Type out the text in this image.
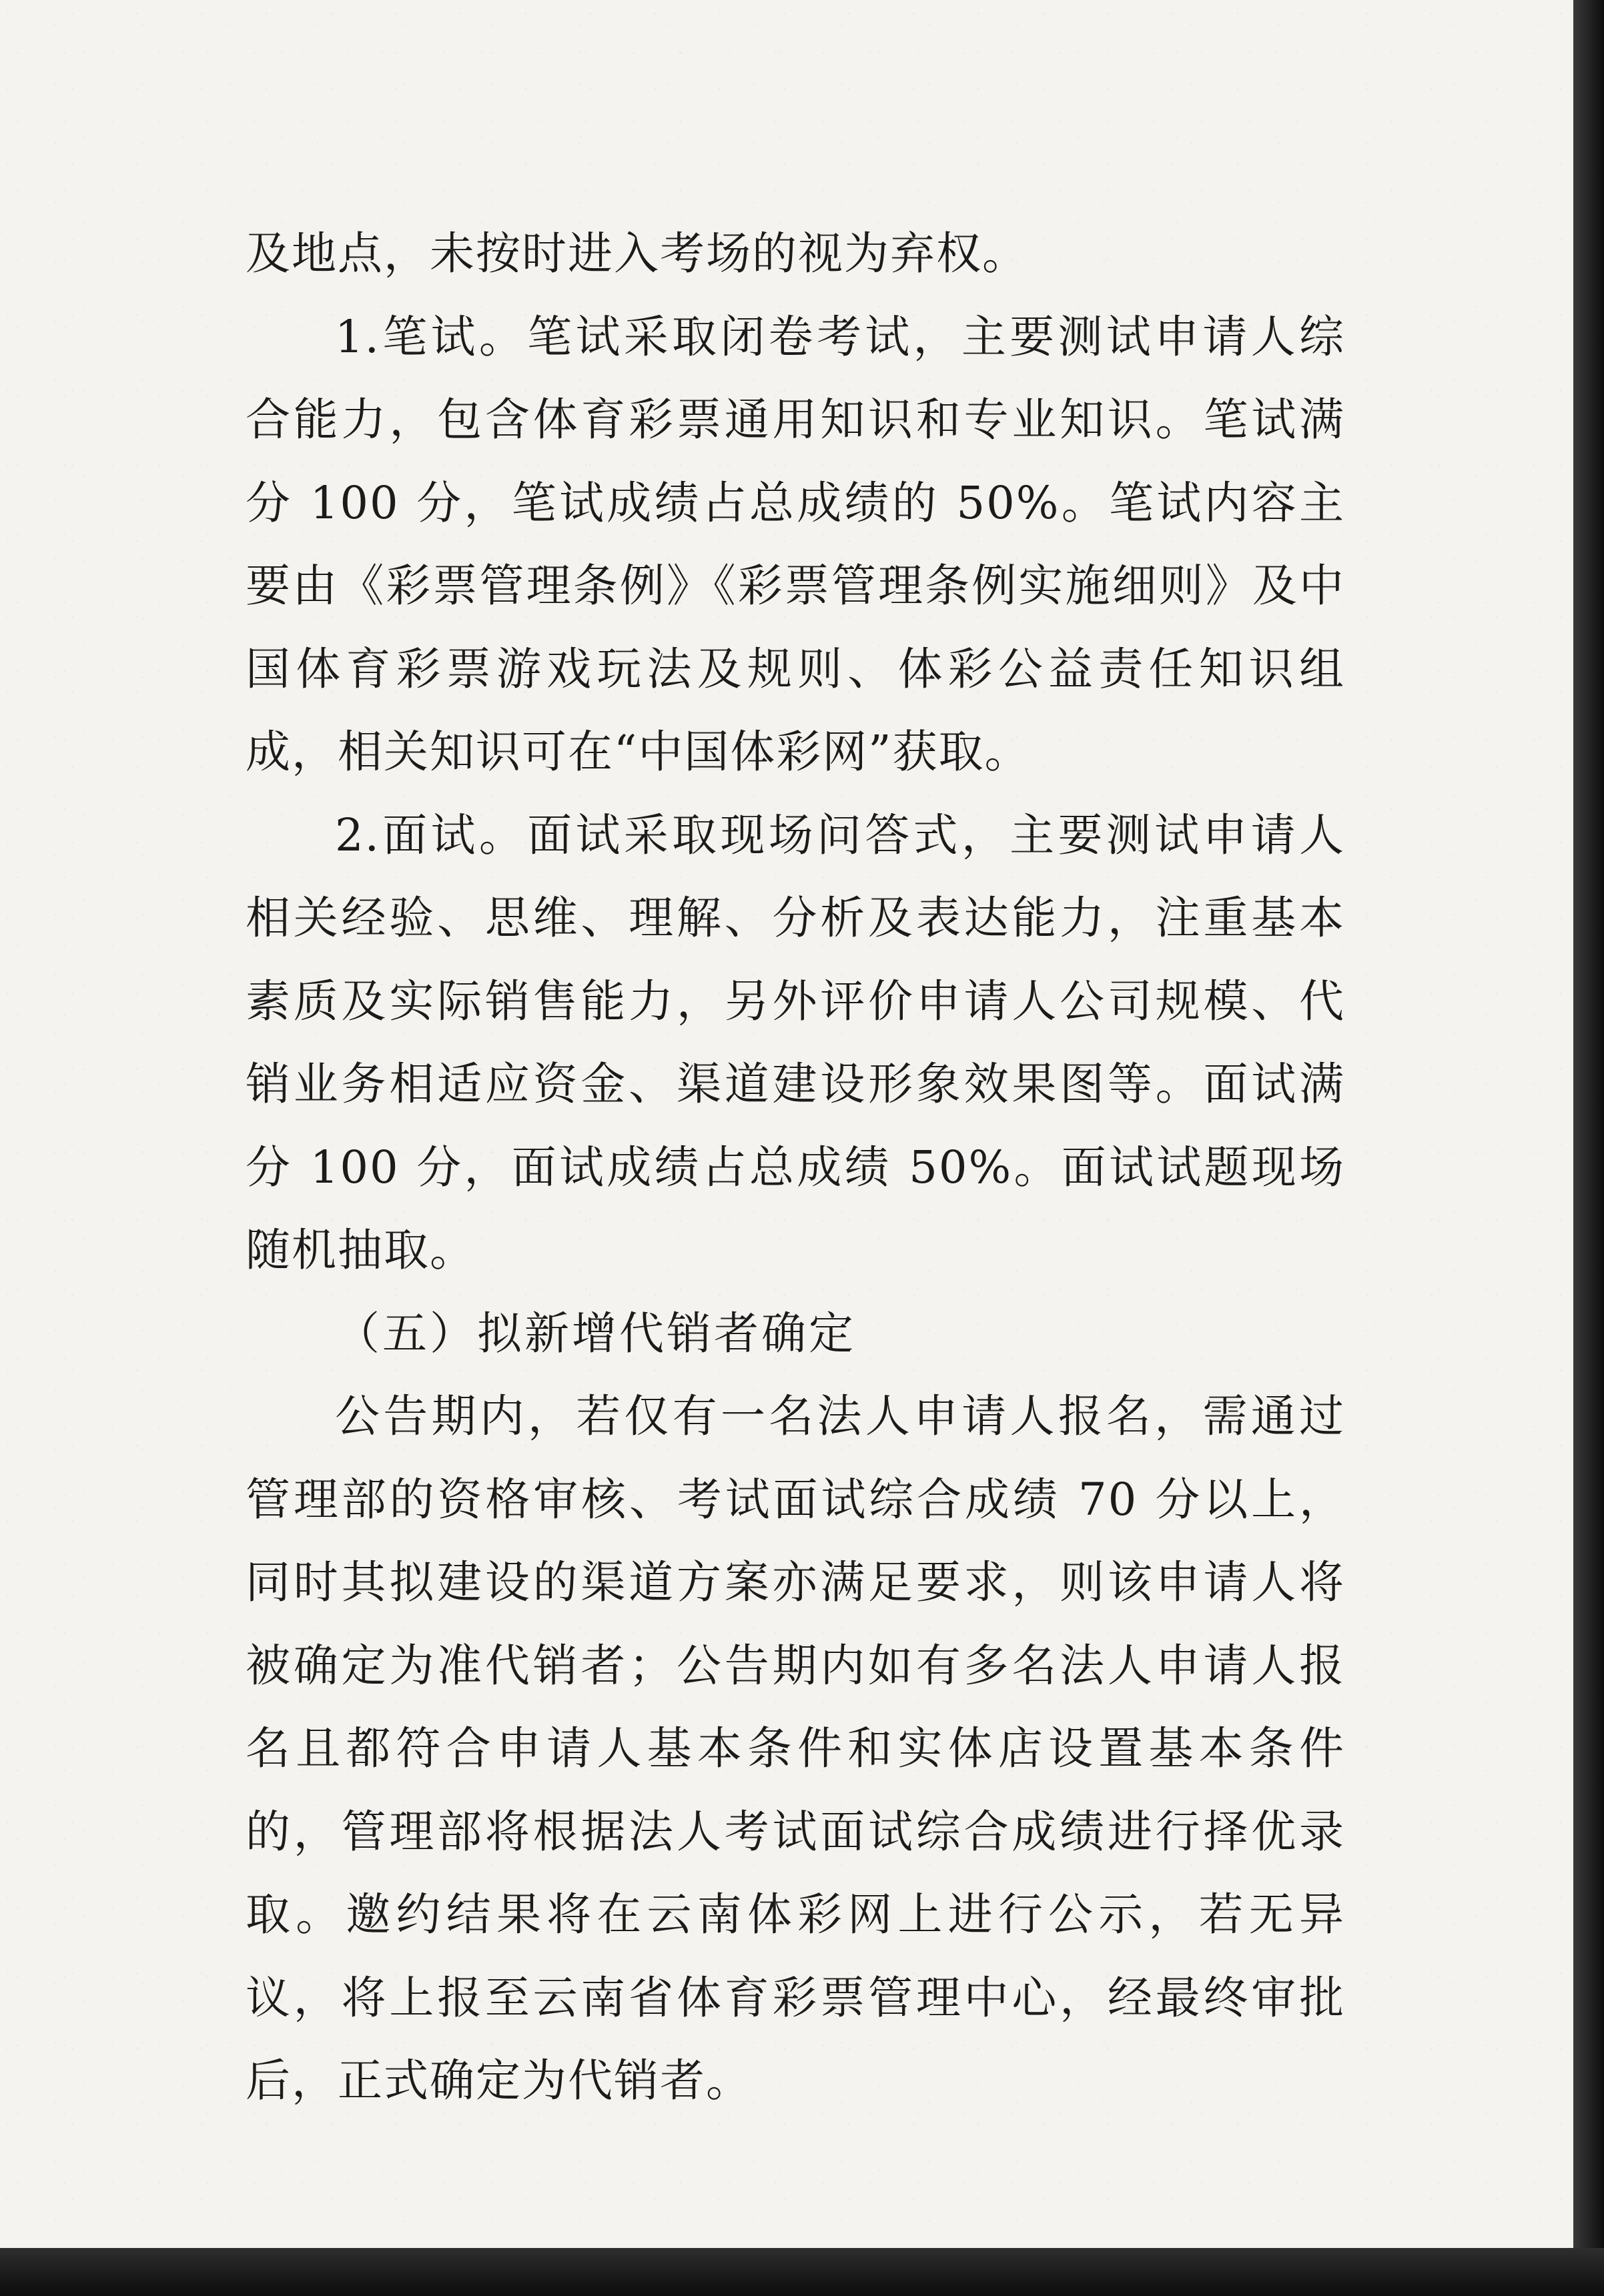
及地点，未按时进入考场的视为弃权。

1.笔试。笔试采取闭卷考试，主要测试申请人综合能力，包含体育彩票通用知识和专业知识。笔试满分 100 分，笔试成绩占总成绩的 50%。笔试内容主要由《彩票管理条例》《彩票管理条例实施细则》及中国体育彩票游戏玩法及规则、体彩公益责任知识组成，相关知识可在“中国体彩网”获取。

2.面试。面试采取现场问答式，主要测试申请人相关经验、思维、理解、分析及表达能力，注重基本素质及实际销售能力，另外评价申请人公司规模、代销业务相适应资金、渠道建设形象效果图等。面试满分 100 分，面试成绩占总成绩 50%。面试试题现场随机抽取。

（五）拟新增代销者确定

公告期内，若仅有一名法人申请人报名，需通过管理部的资格审核、考试面试综合成绩 70 分以上，同时其拟建设的渠道方案亦满足要求，则该申请人将被确定为准代销者；公告期内如有多名法人申请人报名且都符合申请人基本条件和实体店设置基本条件的，管理部将根据法人考试面试综合成绩进行择优录取。邀约结果将在云南体彩网上进行公示，若无异议，将上报至云南省体育彩票管理中心，经最终审批后，正式确定为代销者。
